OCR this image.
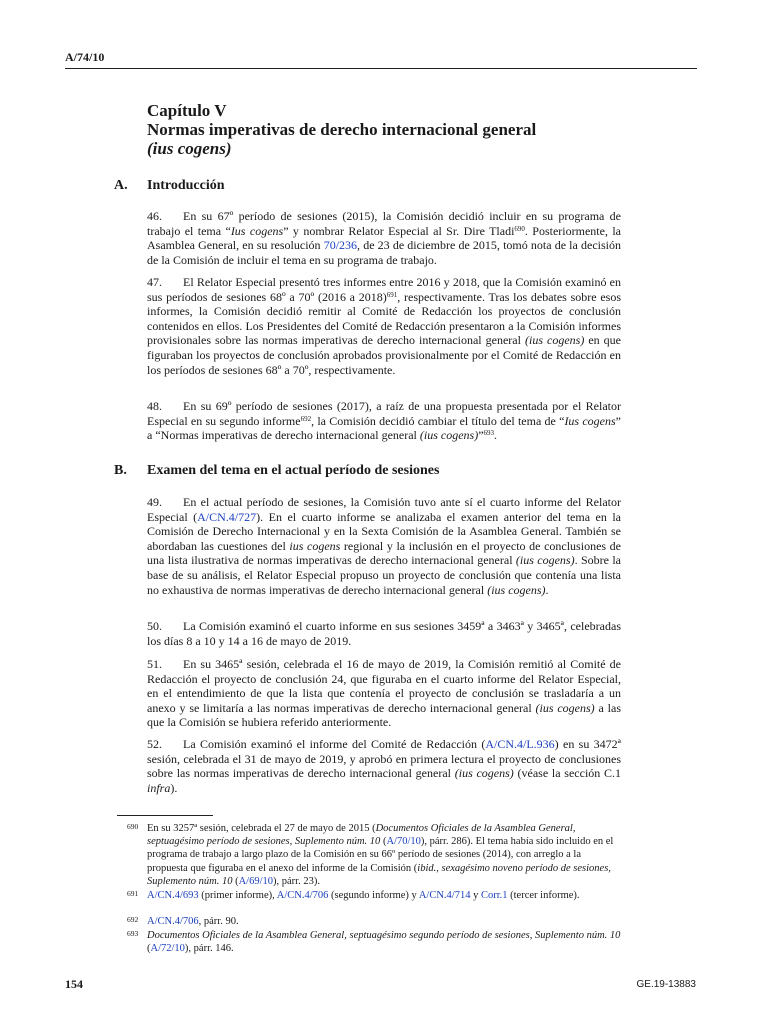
A/74/10
Capítulo V
Normas imperativas de derecho internacional general
(ius cogens)
A. Introducción
46. En su 67º período de sesiones (2015), la Comisión decidió incluir en su programa de trabajo el tema “Ius cogens” y nombrar Relator Especial al Sr. Dire Tladi$^{690}$. Posteriormente, la Asamblea General, en su resolución 70/236, de 23 de diciembre de 2015, tomó nota de la decisión de la Comisión de incluir el tema en su programa de trabajo.
47. El Relator Especial presentó tres informes entre 2016 y 2018, que la Comisión examinó en sus períodos de sesiones 68º a 70º (2016 a 2018)$^{691}$, respectivamente. Tras los debates sobre esos informes, la Comisión decidió remitir al Comité de Redacción los proyectos de conclusión contenidos en ellos. Los Presidentes del Comité de Redacción presentaron a la Comisión informes provisionales sobre las normas imperativas de derecho internacional general (ius cogens) en que figuraban los proyectos de conclusión aprobados provisionalmente por el Comité de Redacción en los períodos de sesiones 68º a 70º, respectivamente.
48. En su 69º período de sesiones (2017), a raíz de una propuesta presentada por el Relator Especial en su segundo informe$^{692}$, la Comisión decidió cambiar el título del tema de “Ius cogens” a “Normas imperativas de derecho internacional general (ius cogens)”$^{693}$.
B. Examen del tema en el actual período de sesiones
49. En el actual período de sesiones, la Comisión tuvo ante sí el cuarto informe del Relator Especial (A/CN.4/727). En el cuarto informe se analizaba el examen anterior del tema en la Comisión de Derecho Internacional y en la Sexta Comisión de la Asamblea General. También se abordaban las cuestiones del ius cogens regional y la inclusión en el proyecto de conclusiones de una lista ilustrativa de normas imperativas de derecho internacional general (ius cogens). Sobre la base de su análisis, el Relator Especial propuso un proyecto de conclusión que contenía una lista no exhaustiva de normas imperativas de derecho internacional general (ius cogens).
50. La Comisión examinó el cuarto informe en sus sesiones 3459ª a 3463ª y 3465ª, celebradas los días 8 a 10 y 14 a 16 de mayo de 2019.
51. En su 3465ª sesión, celebrada el 16 de mayo de 2019, la Comisión remitió al Comité de Redacción el proyecto de conclusión 24, que figuraba en el cuarto informe del Relator Especial, en el entendimiento de que la lista que contenía el proyecto de conclusión se trasladaría a un anexo y se limitaría a las normas imperativas de derecho internacional general (ius cogens) a las que la Comisión se hubiera referido anteriormente.
52. La Comisión examinó el informe del Comité de Redacción (A/CN.4/L.936) en su 3472ª sesión, celebrada el 31 de mayo de 2019, y aprobó en primera lectura el proyecto de conclusiones sobre las normas imperativas de derecho internacional general (ius cogens) (véase la sección C.1 infra).
690 En su 3257ª sesión, celebrada el 27 de mayo de 2015 (Documentos Oficiales de la Asamblea General, septuagésimo período de sesiones, Suplemento núm. 10 (A/70/10), párr. 286). El tema había sido incluido en el programa de trabajo a largo plazo de la Comisión en su 66º período de sesiones (2014), con arreglo a la propuesta que figuraba en el anexo del informe de la Comisión (ibid., sexagésimo noveno período de sesiones, Suplemento núm. 10 (A/69/10), párr. 23).
691 A/CN.4/693 (primer informe), A/CN.4/706 (segundo informe) y A/CN.4/714 y Corr.1 (tercer informe).
692 A/CN.4/706, párr. 90.
693 Documentos Oficiales de la Asamblea General, septuagésimo segundo período de sesiones, Suplemento núm. 10 (A/72/10), párr. 146.
154	GE.19-13883
